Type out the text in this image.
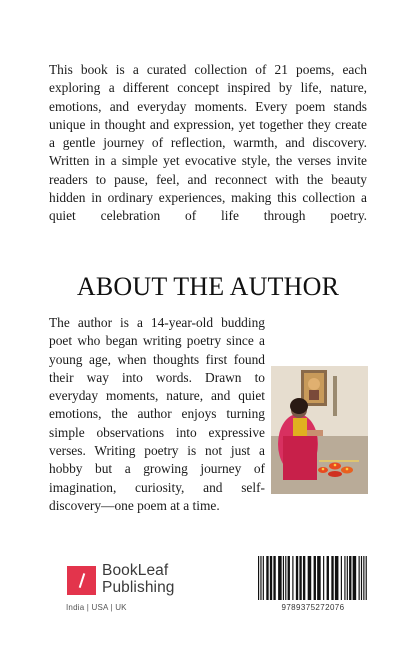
This book is a curated collection of 21 poems, each exploring a different concept inspired by life, nature, emotions, and everyday moments. Every poem stands unique in thought and expression, yet together they create a gentle journey of reflection, warmth, and discovery. Written in a simple yet evocative style, the verses invite readers to pause, feel, and reconnect with the beauty hidden in ordinary experiences, making this collection a quiet celebration of life through poetry.
ABOUT THE AUTHOR
The author is a 14-year-old budding poet who began writing poetry since a young age, when thoughts first found their way into words. Drawn to everyday moments, nature, and quiet emotions, the author enjoys turning simple observations into expressive verses. Writing poetry is not just a hobby but a growing journey of imagination, curiosity, and self-discovery—one poem at a time.
BookLeaf
Publishing
India | USA | UK	9789375272076
